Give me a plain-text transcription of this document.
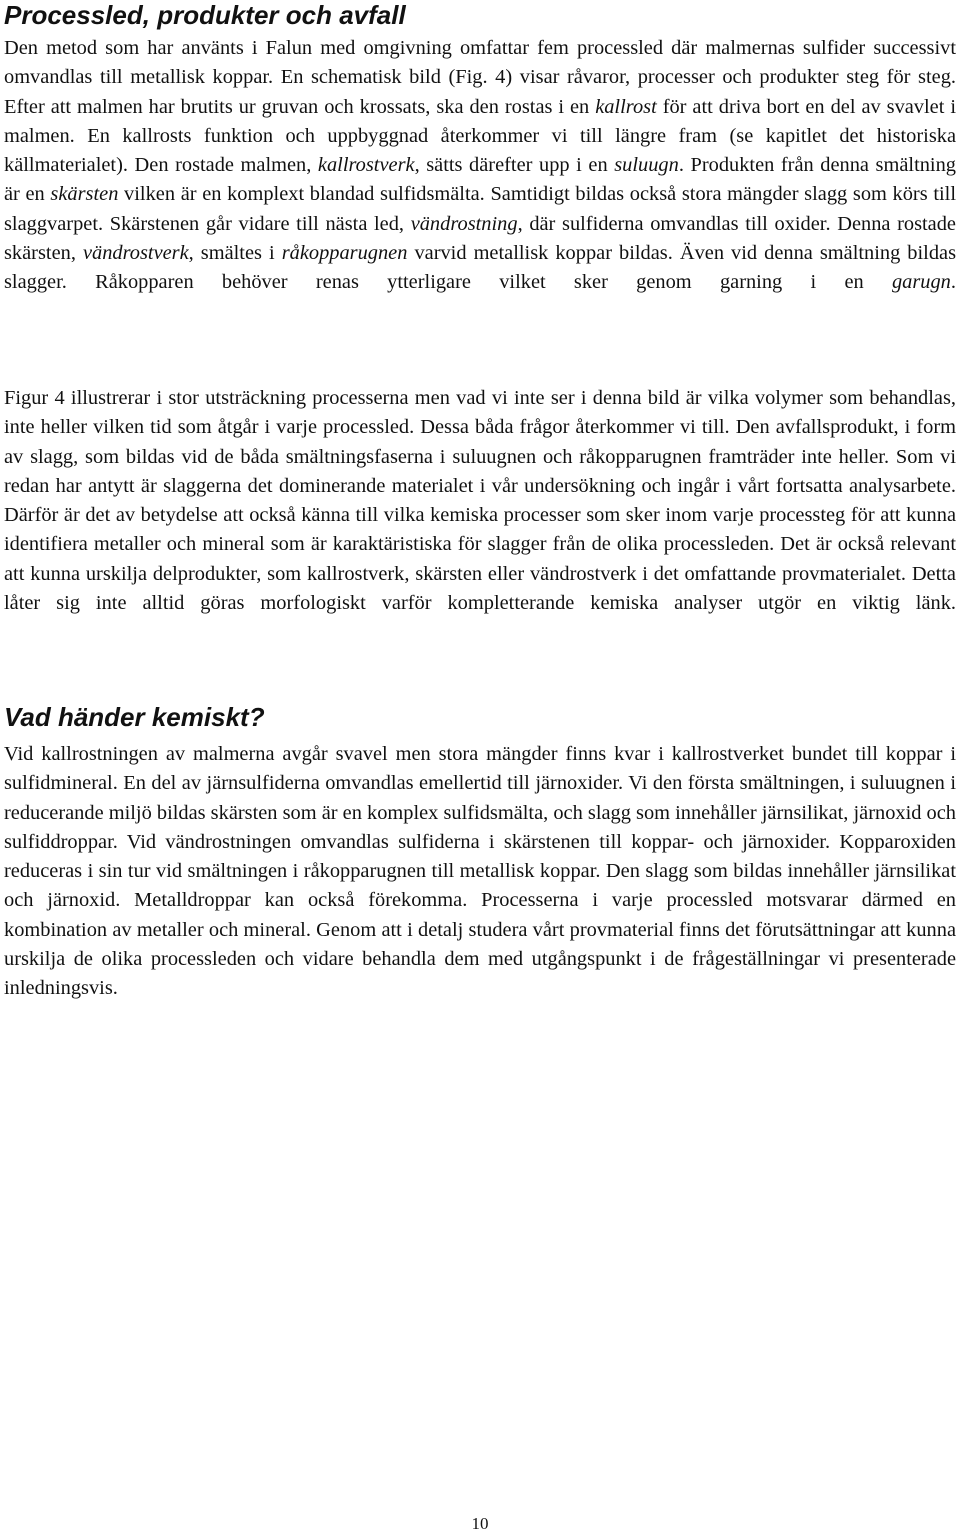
Processled, produkter och avfall

Den metod som har använts i Falun med omgivning omfattar fem processled där malmernas sulfider successivt omvandlas till metallisk koppar. En schematisk bild (Fig. 4) visar råvaror, processer och produkter steg för steg. Efter att malmen har brutits ur gruvan och krossats, ska den rostas i en kallrost för att driva bort en del av svavlet i malmen. En kallrosts funktion och uppbyggnad återkommer vi till längre fram (se kapitlet det historiska källmaterialet). Den rostade malmen, kallrostverk, sätts därefter upp i en suluugn. Produkten från denna smältning är en skärsten vilken är en komplext blandad sulfidsmälta. Samtidigt bildas också stora mängder slagg som körs till slaggvarpet. Skärstenen går vidare till nästa led, vändrostning, där sulfiderna omvandlas till oxider. Denna rostade skärsten, vändrostverk, smältes i råkopparugnen varvid metallisk koppar bildas. Även vid denna smältning bildas slagger. Råkopparen behöver renas ytterligare vilket sker genom garning i en garugn.

Figur 4 illustrerar i stor utsträckning processerna men vad vi inte ser i denna bild är vilka volymer som behandlas, inte heller vilken tid som åtgår i varje processled. Dessa båda frågor återkommer vi till. Den avfallsprodukt, i form av slagg, som bildas vid de båda smältningsfaserna i suluugnen och råkopparugnen framträder inte heller. Som vi redan har antytt är slaggerna det dominerande materialet i vår undersökning och ingår i vårt fortsatta analysarbete. Därför är det av betydelse att också känna till vilka kemiska processer som sker inom varje processteg för att kunna identifiera metaller och mineral som är karaktäristiska för slagger från de olika processleden. Det är också relevant att kunna urskilja delprodukter, som kallrostverk, skärsten eller vändrostverk i det omfattande provmaterialet. Detta låter sig inte alltid göras morfologiskt varför kompletterande kemiska analyser utgör en viktig länk.

Vad händer kemiskt?

Vid kallrostningen av malmerna avgår svavel men stora mängder finns kvar i kallrostverket bundet till koppar i sulfidmineral. En del av järnsulfiderna omvandlas emellertid till järnoxider. Vi den första smältningen, i suluugnen i reducerande miljö bildas skärsten som är en komplex sulfidsmälta, och slagg som innehåller järnsilikat, järnoxid och sulfiddroppar. Vid vändrostningen omvandlas sulfiderna i skärstenen till koppar- och järnoxider. Kopparoxiden reduceras i sin tur vid smältningen i råkopparugnen till metallisk koppar. Den slagg som bildas innehåller järnsilikat och järnoxid. Metalldroppar kan också förekomma. Processerna i varje processled motsvarar därmed en kombination av metaller och mineral. Genom att i detalj studera vårt provmaterial finns det förutsättningar att kunna urskilja de olika processleden och vidare behandla dem med utgångspunkt i de frågeställningar vi presenterade inledningsvis.

10
